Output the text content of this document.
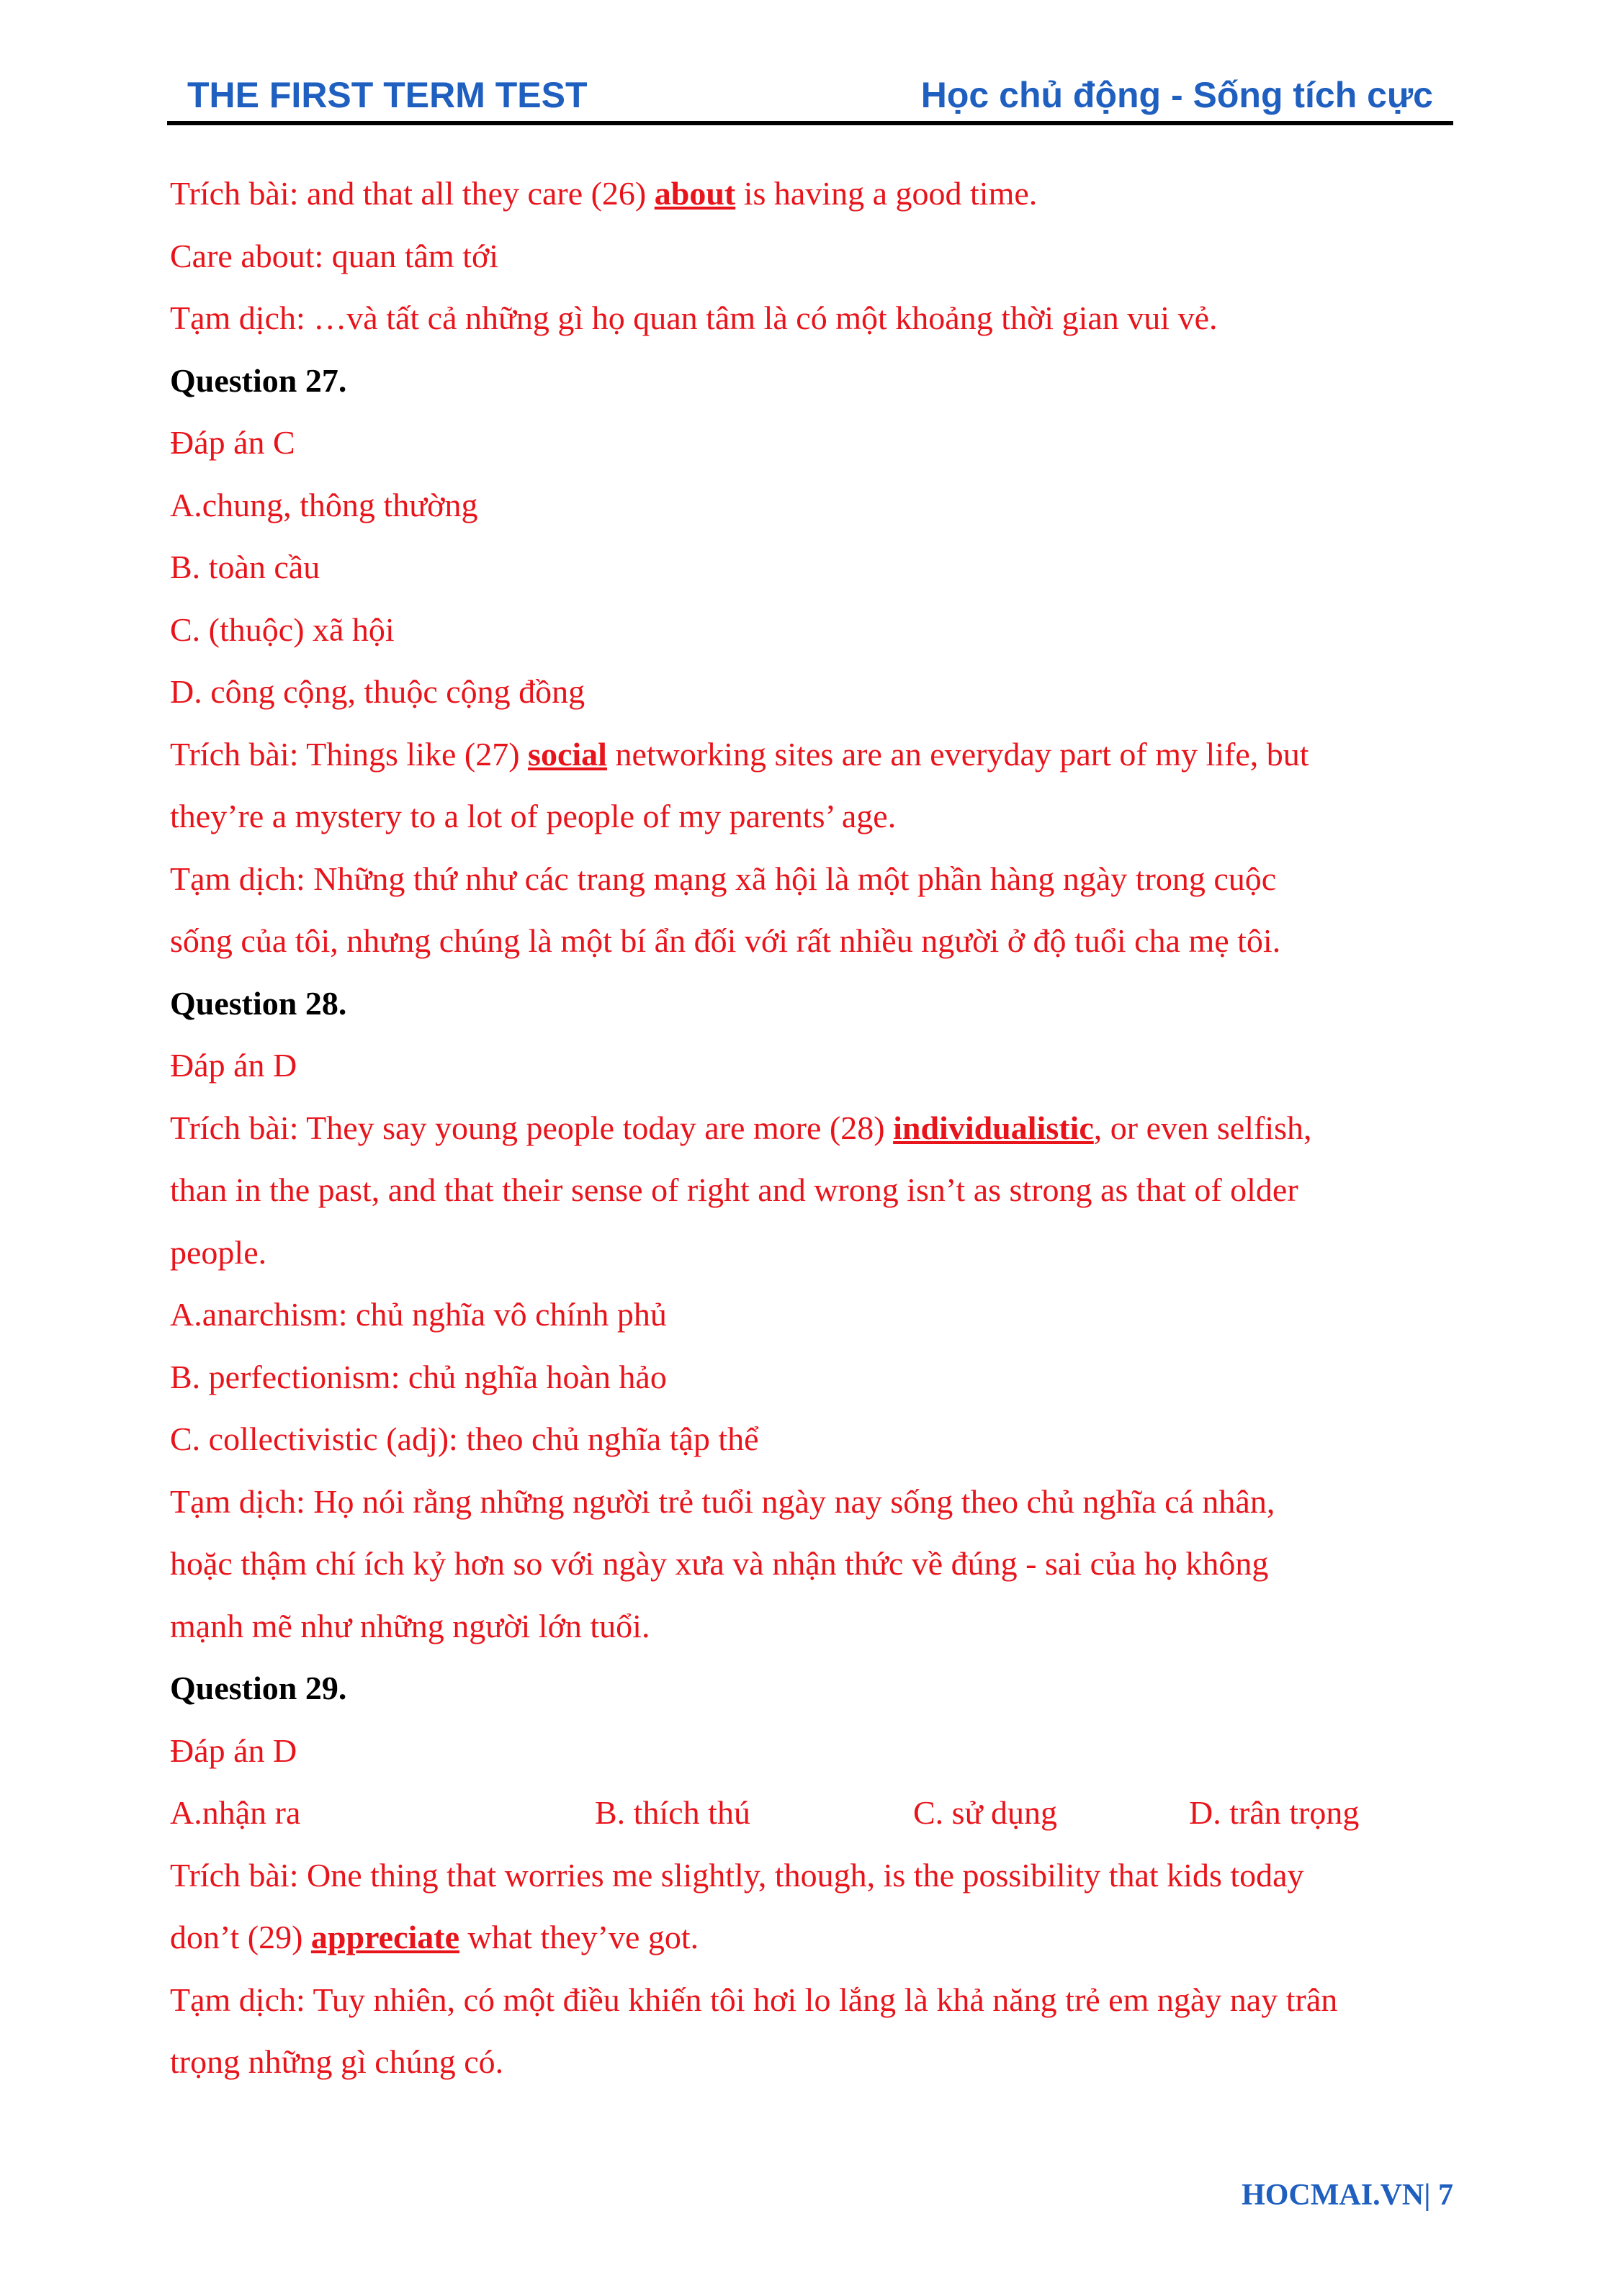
THE FIRST TERM TEST	Học chủ động - Sống tích cực
Trích bài: and that all they care (26) about is having a good time.
Care about: quan tâm tới
Tạm dịch: …và tất cả những gì họ quan tâm là có một khoảng thời gian vui vẻ.
Question 27.
Đáp án C
A.chung, thông thường
B. toàn cầu
C. (thuộc) xã hội
D. công cộng, thuộc cộng đồng
Trích bài: Things like (27) social networking sites are an everyday part of my life, but
they’re a mystery to a lot of people of my parents’ age.
Tạm dịch: Những thứ như các trang mạng xã hội là một phần hàng ngày trong cuộc
sống của tôi, nhưng chúng là một bí ẩn đối với rất nhiều người ở độ tuổi cha mẹ tôi.
Question 28.
Đáp án D
Trích bài: They say young people today are more (28) individualistic, or even selfish,
than in the past, and that their sense of right and wrong isn’t as strong as that of older
people.
A.anarchism: chủ nghĩa vô chính phủ
B. perfectionism: chủ nghĩa hoàn hảo
C. collectivistic (adj): theo chủ nghĩa tập thể
Tạm dịch: Họ nói rằng những người trẻ tuổi ngày nay sống theo chủ nghĩa cá nhân,
hoặc thậm chí ích kỷ hơn so với ngày xưa và nhận thức về đúng - sai của họ không
mạnh mẽ như những người lớn tuổi.
Question 29.
Đáp án D
A.nhận ra	B. thích thú	C. sử dụng	D. trân trọng
Trích bài: One thing that worries me slightly, though, is the possibility that kids today
don’t (29) appreciate what they’ve got.
Tạm dịch: Tuy nhiên, có một điều khiến tôi hơi lo lắng là khả năng trẻ em ngày nay trân
trọng những gì chúng có.
HOCMAI.VN| 7
